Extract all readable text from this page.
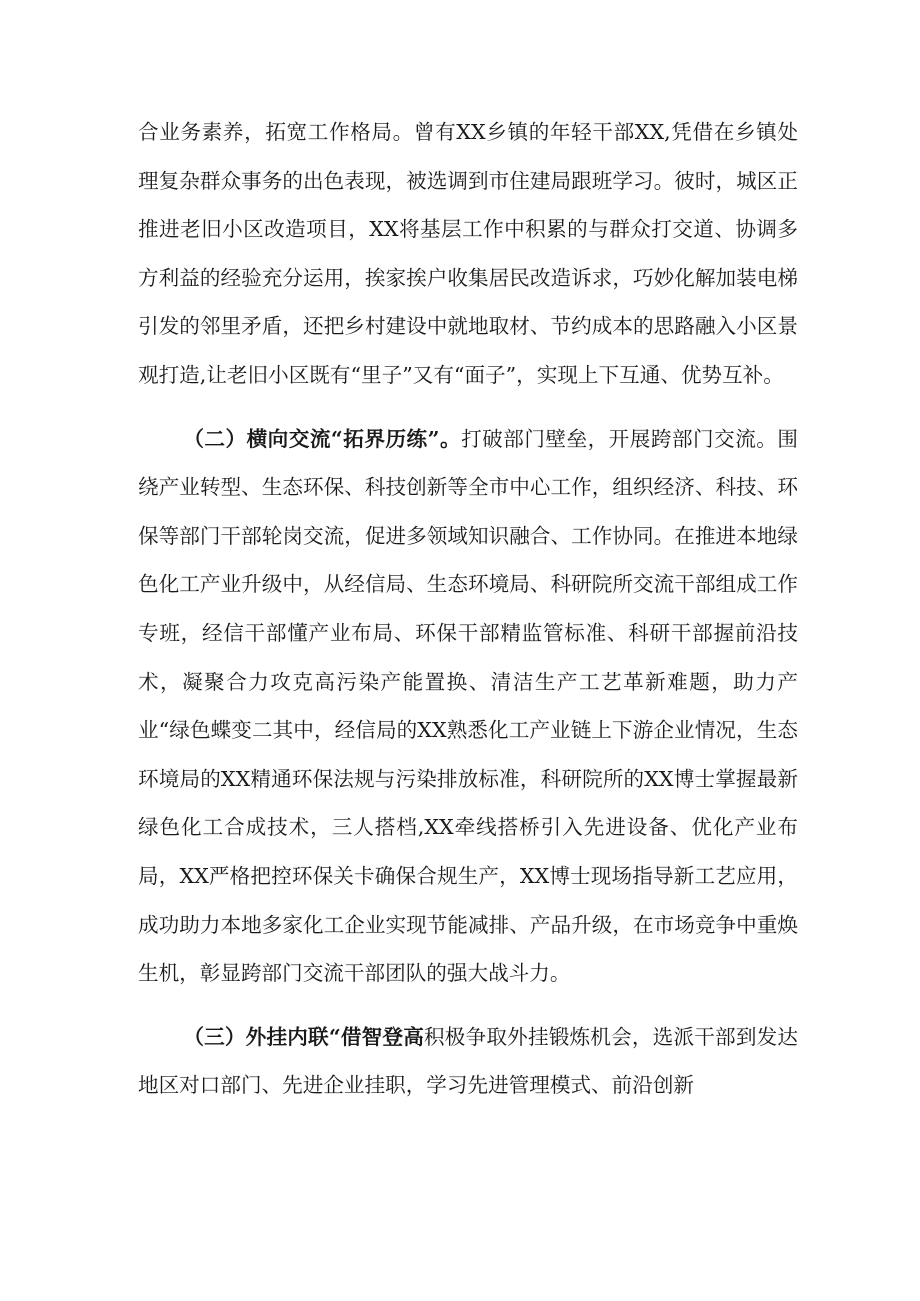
合业务素养，拓宽工作格局。曾有XX乡镇的年轻干部XX,凭借在乡镇处理复杂群众事务的出色表现，被选调到市住建局跟班学习。彼时，城区正推进老旧小区改造项目，XX将基层工作中积累的与群众打交道、协调多方利益的经验充分运用，挨家挨户收集居民改造诉求，巧妙化解加装电梯引发的邻里矛盾，还把乡村建设中就地取材、节约成本的思路融入小区景观打造,让老旧小区既有“里子”又有“面子”，实现上下互通、优势互补。

（二）横向交流“拓界历练”。打破部门壁垒，开展跨部门交流。围绕产业转型、生态环保、科技创新等全市中心工作，组织经济、科技、环保等部门干部轮岗交流，促进多领域知识融合、工作协同。在推进本地绿色化工产业升级中，从经信局、生态环境局、科研院所交流干部组成工作专班，经信干部懂产业布局、环保干部精监管标准、科研干部握前沿技术，凝聚合力攻克高污染产能置换、清洁生产工艺革新难题，助力产业“绿色蝶变二其中，经信局的XX熟悉化工产业链上下游企业情况，生态环境局的XX精通环保法规与污染排放标准，科研院所的XX博士掌握最新绿色化工合成技术，三人搭档,XX牵线搭桥引入先进设备、优化产业布局，XX严格把控环保关卡确保合规生产，XX博士现场指导新工艺应用，成功助力本地多家化工企业实现节能减排、产品升级，在市场竞争中重焕生机，彰显跨部门交流干部团队的强大战斗力。

（三）外挂内联“借智登高积极争取外挂锻炼机会，选派干部到发达地区对口部门、先进企业挂职，学习先进管理模式、前沿创新
